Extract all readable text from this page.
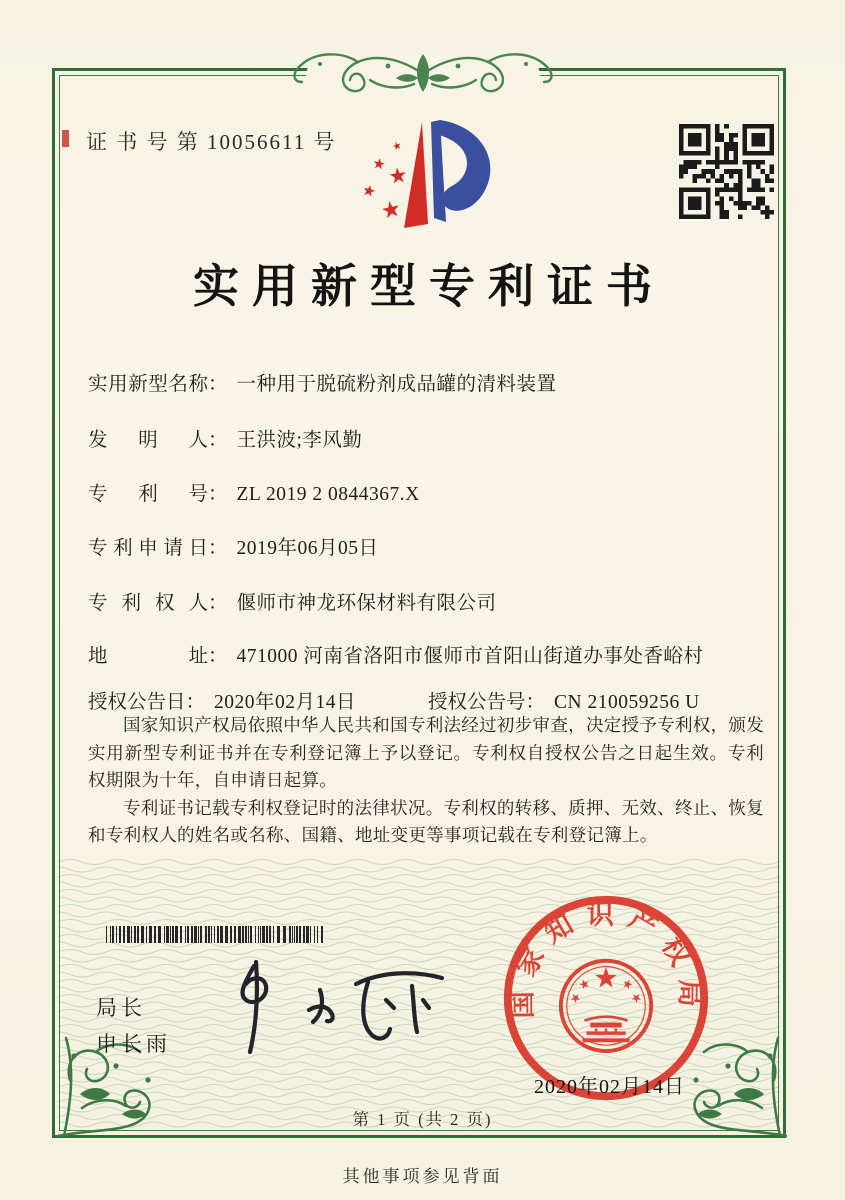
证 书 号 第 10056611 号
实用新型专利证书
实用新型名称： 一种用于脱硫粉剂成品罐的清料装置
发明人： 王洪波;李风勤
专利号： ZL 2019 2 0844367.X
专利申请日： 2019年06月05日
专利权人： 偃师市神龙环保材料有限公司
地址： 471000 河南省洛阳市偃师市首阳山街道办事处香峪村
授权公告日： 2020年02月14日	授权公告号： CN 210059256 U

国家知识产权局依照中华人民共和国专利法经过初步审查，决定授予专利权，颁发实用新型专利证书并在专利登记簿上予以登记。专利权自授权公告之日起生效。专利权期限为十年，自申请日起算。

专利证书记载专利权登记时的法律状况。专利权的转移、质押、无效、终止、恢复和专利权人的姓名或名称、国籍、地址变更等事项记载在专利登记簿上。

局长
申长雨
国家知识产权局
2020年02月14日
第 1 页 (共 2 页)
其他事项参见背面
